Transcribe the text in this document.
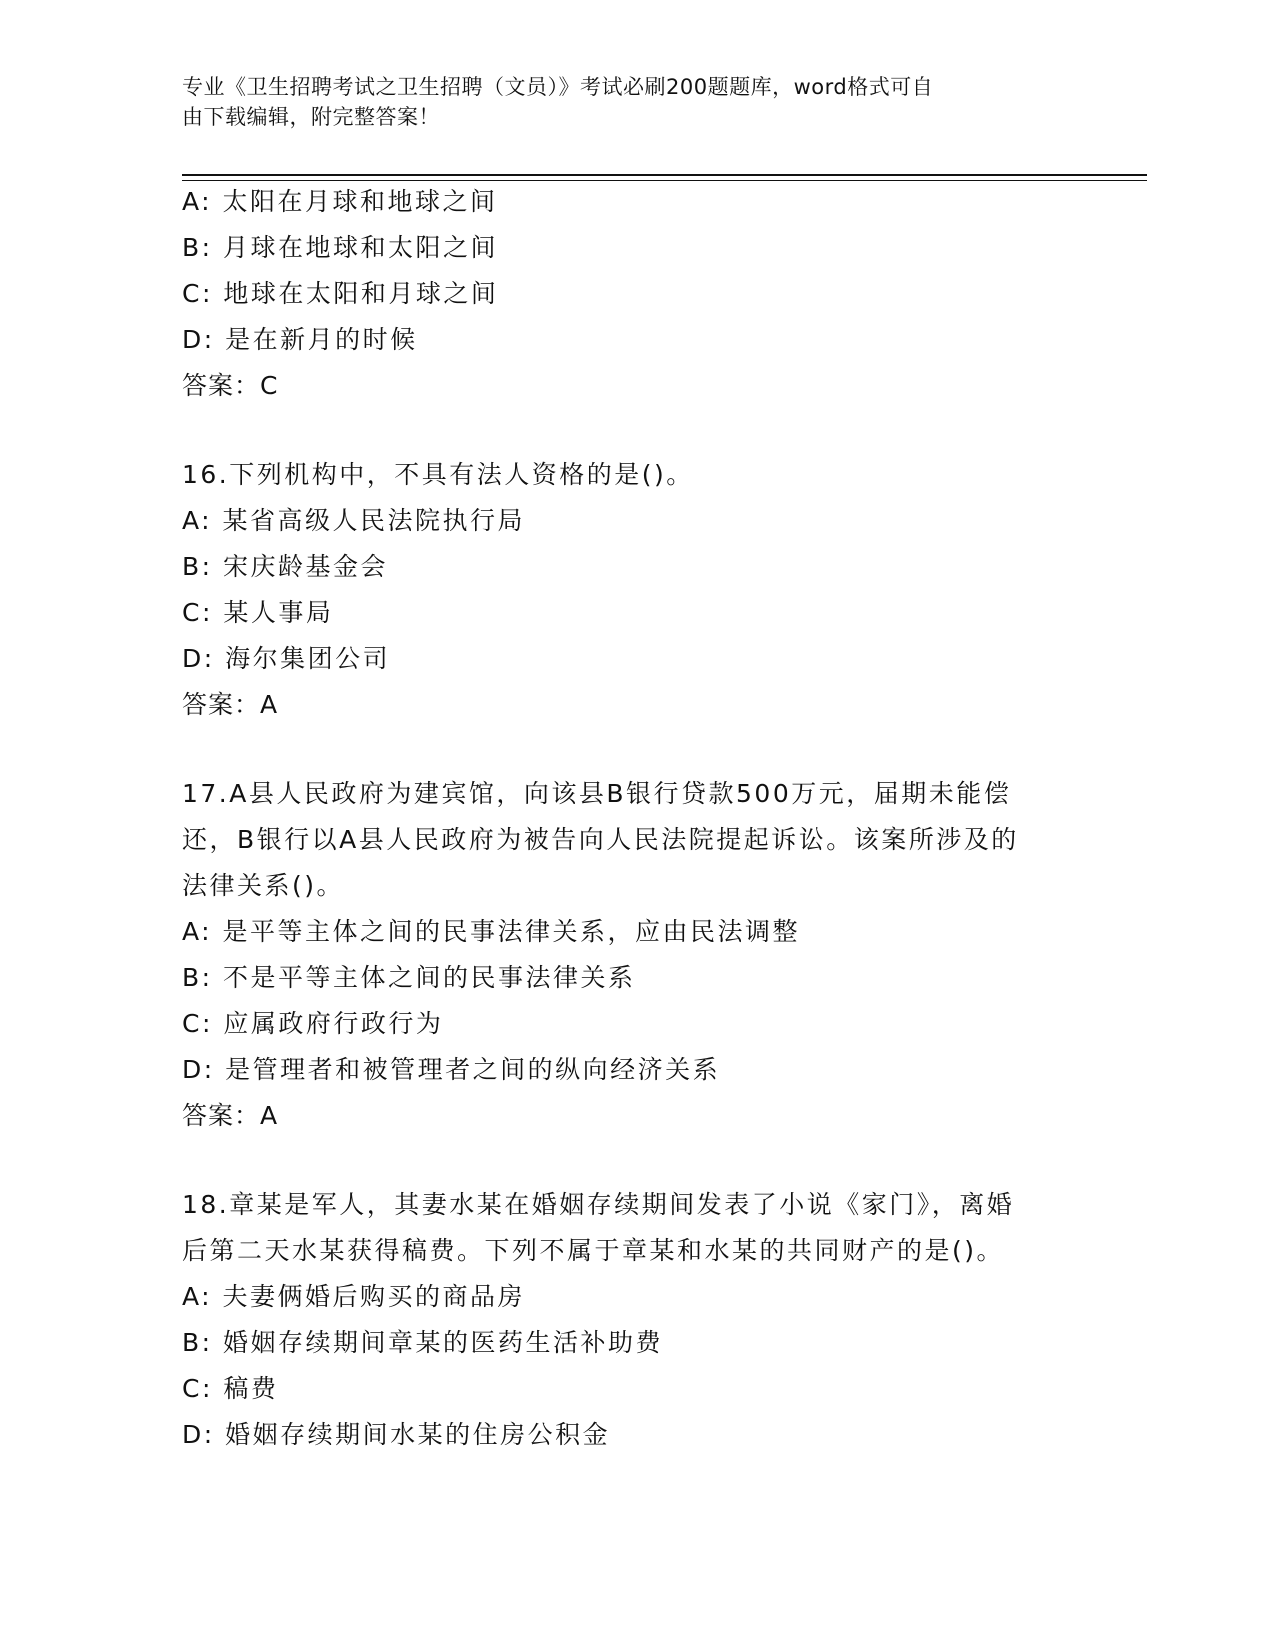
专业《卫生招聘考试之卫生招聘（文员）》考试必刷200题题库，word格式可自
由下载编辑，附完整答案！
A: 太阳在月球和地球之间
B: 月球在地球和太阳之间
C: 地球在太阳和月球之间
D: 是在新月的时候
答案：C
16.下列机构中，不具有法人资格的是()。
A: 某省高级人民法院执行局
B: 宋庆龄基金会
C: 某人事局
D: 海尔集团公司
答案：A
17.A县人民政府为建宾馆，向该县B银行贷款500万元，届期未能偿
还，B银行以A县人民政府为被告向人民法院提起诉讼。该案所涉及的
法律关系()。
A: 是平等主体之间的民事法律关系，应由民法调整
B: 不是平等主体之间的民事法律关系
C: 应属政府行政行为
D: 是管理者和被管理者之间的纵向经济关系
答案：A
18.章某是军人，其妻水某在婚姻存续期间发表了小说《家门》，离婚
后第二天水某获得稿费。下列不属于章某和水某的共同财产的是()。
A: 夫妻俩婚后购买的商品房
B: 婚姻存续期间章某的医药生活补助费
C: 稿费
D: 婚姻存续期间水某的住房公积金
